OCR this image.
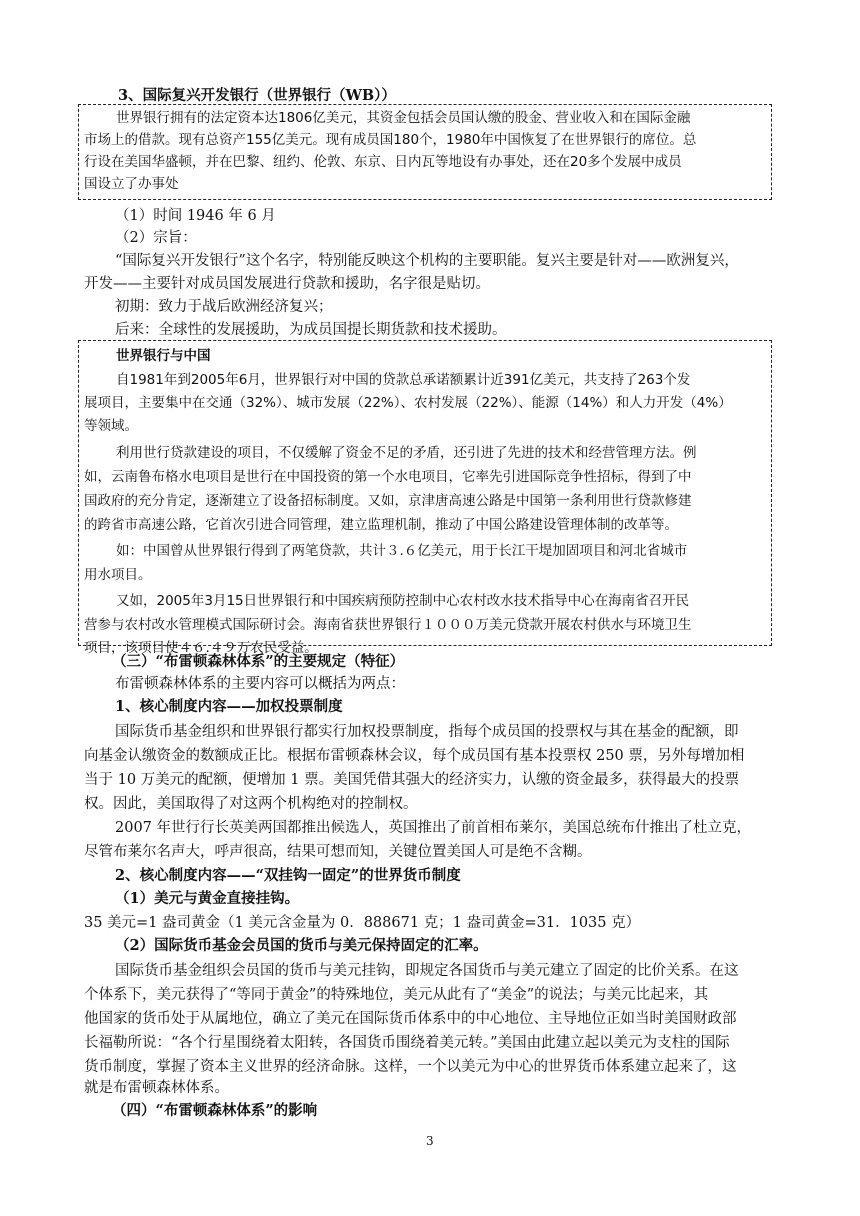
3、国际复兴开发银行（世界银行（WB））
世界银行拥有的法定资本达1806亿美元，其资金包括会员国认缴的股金、营业收入和在国际金融
市场上的借款。现有总资产155亿美元。现有成员国180个，1980年中国恢复了在世界银行的席位。总
行设在美国华盛顿，并在巴黎、纽约、伦敦、东京、日内瓦等地设有办事处，还在20多个发展中成员
国设立了办事处
（1）时间 1946 年 6 月
（2）宗旨：
“国际复兴开发银行”这个名字，特别能反映这个机构的主要职能。复兴主要是针对——欧洲复兴，
开发——主要针对成员国发展进行贷款和援助，名字很是贴切。
初期：致力于战后欧洲经济复兴；
后来：全球性的发展援助，为成员国提长期货款和技术援助。
世界银行与中国
自1981年到2005年6月，世界银行对中国的贷款总承诺额累计近391亿美元，共支持了263个发
展项目，主要集中在交通（32%）、城市发展（22%）、农村发展（22%）、能源（14%）和人力开发（4%）
等领域。
利用世行贷款建设的项目，不仅缓解了资金不足的矛盾，还引进了先进的技术和经营管理方法。例
如，云南鲁布格水电项目是世行在中国投资的第一个水电项目，它率先引进国际竞争性招标，得到了中
国政府的充分肯定，逐渐建立了设备招标制度。又如，京津唐高速公路是中国第一条利用世行贷款修建
的跨省市高速公路，它首次引进合同管理，建立监理机制，推动了中国公路建设管理体制的改革等。
如：中国曾从世界银行得到了两笔贷款，共计３.６亿美元，用于长江干堤加固项目和河北省城市
用水项目。
又如，2005年3月15日世界银行和中国疾病预防控制中心农村改水技术指导中心在海南省召开民
营参与农村改水管理模式国际研讨会。海南省获世界银行１０００万美元贷款开展农村供水与环境卫生
项目，该项目使４６.４９万农民受益。
（三）“布雷顿森林体系”的主要规定（特征）
布雷顿森林体系的主要内容可以概括为两点：
1、核心制度内容——加权投票制度
国际货币基金组织和世界银行都实行加权投票制度，指每个成员国的投票权与其在基金的配额，即
向基金认缴资金的数额成正比。根据布雷顿森林会议，每个成员国有基本投票权 250 票，另外每增加相
当于 10 万美元的配额，便增加 1 票。美国凭借其强大的经济实力，认缴的资金最多，获得最大的投票
权。因此，美国取得了对这两个机构绝对的控制权。
2007 年世行行长英美两国都推出候选人，英国推出了前首相布莱尔，美国总统布什推出了杜立克，
尽管布莱尔名声大，呼声很高，结果可想而知，关键位置美国人可是绝不含糊。
2、核心制度内容——“双挂钩一固定”的世界货币制度
（1）美元与黄金直接挂钩。
35 美元=1 盎司黄金（1 美元含金量为 0．888671 克；1 盎司黄金=31．1035 克）
（2）国际货币基金会员国的货币与美元保持固定的汇率。
国际货币基金组织会员国的货币与美元挂钩，即规定各国货币与美元建立了固定的比价关系。在这
个体系下，美元获得了“等同于黄金”的特殊地位，美元从此有了“美金”的说法；与美元比起来，其
他国家的货币处于从属地位，确立了美元在国际货币体系中的中心地位、主导地位正如当时美国财政部
长福勒所说：“各个行星围绕着太阳转，各国货币围绕着美元转。”美国由此建立起以美元为支柱的国际
货币制度，掌握了资本主义世界的经济命脉。这样，一个以美元为中心的世界货币体系建立起来了，这
就是布雷顿森林体系。
（四）“布雷顿森林体系”的影响
3
